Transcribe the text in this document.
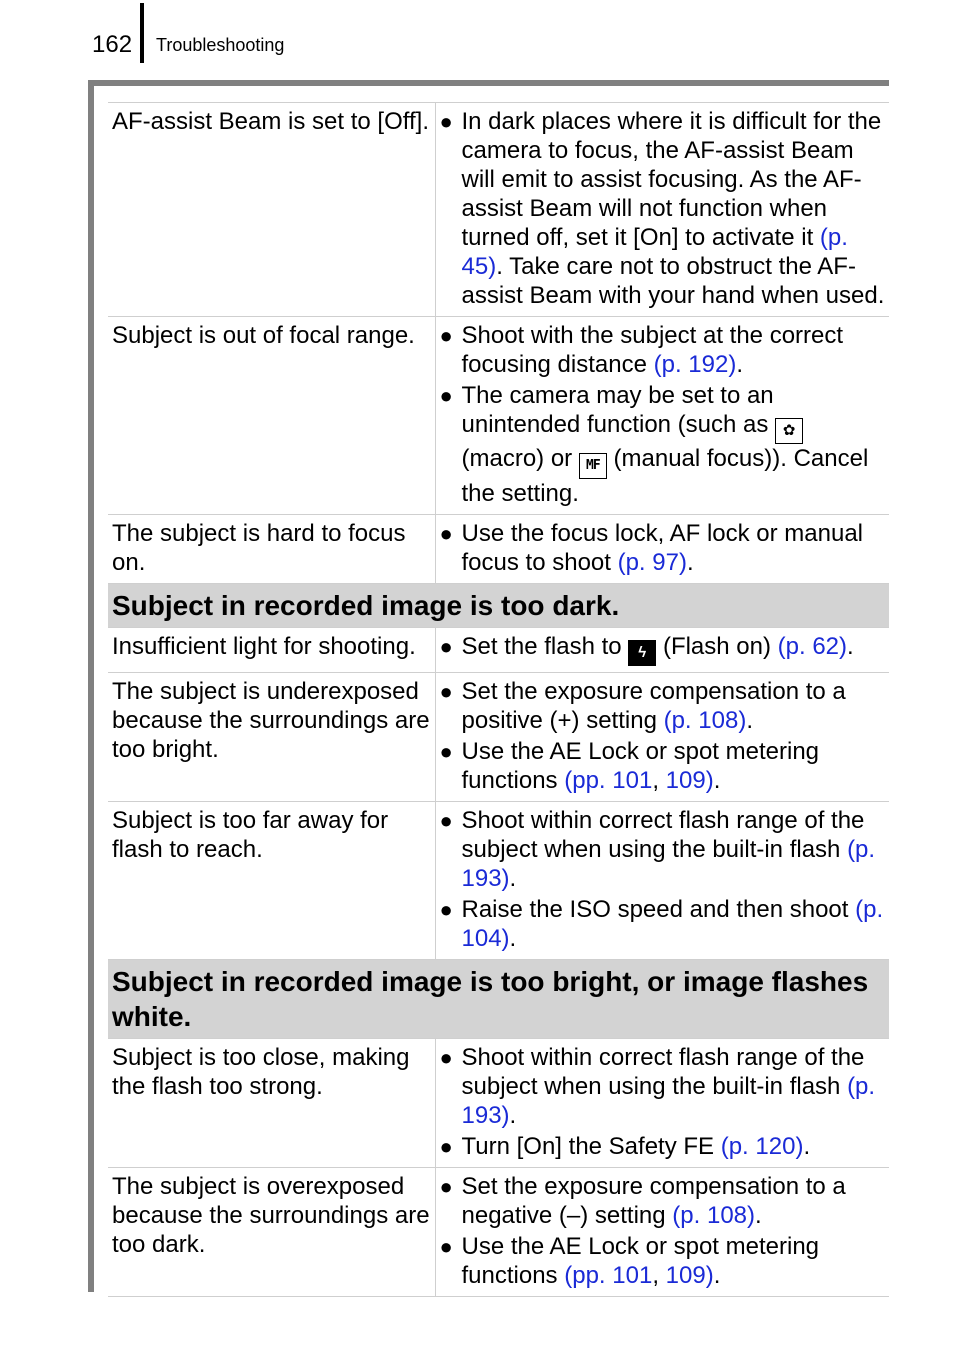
162 Troubleshooting
AF-assist Beam is set to [Off].	● In dark places where it is difficult for the camera to focus, the AF-assist Beam will emit to assist focusing. As the AF-assist Beam will not function when turned off, set it [On] to activate it (p. 45). Take care not to obstruct the AF-assist Beam with your hand when used.

Subject is out of focal range.	● Shoot with the subject at the correct focusing distance (p. 192).
● The camera may be set to an unintended function (such as ✿ (macro) or MF (manual focus)). Cancel the setting.

The subject is hard to focus on.	● Use the focus lock, AF lock or manual focus to shoot (p. 97).

Subject in recorded image is too dark.	
Insufficient light for shooting.	● Set the flash to ϟ (Flash on) (p. 62).

The subject is underexposed because the surroundings are too bright.	● Set the exposure compensation to a positive (+) setting (p. 108).
● Use the AE Lock or spot metering functions (pp. 101, 109).

Subject is too far away for flash to reach.	● Shoot within correct flash range of the subject when using the built-in flash (p. 193).
● Raise the ISO speed and then shoot (p. 104).

Subject in recorded image is too bright, or image flashes white.	
Subject is too close, making the flash too strong.	● Shoot within correct flash range of the subject when using the built-in flash (p. 193).
● Turn [On] the Safety FE (p. 120).

The subject is overexposed because the surroundings are too dark.	● Set the exposure compensation to a negative (–) setting (p. 108).
● Use the AE Lock or spot metering functions (pp. 101, 109).
